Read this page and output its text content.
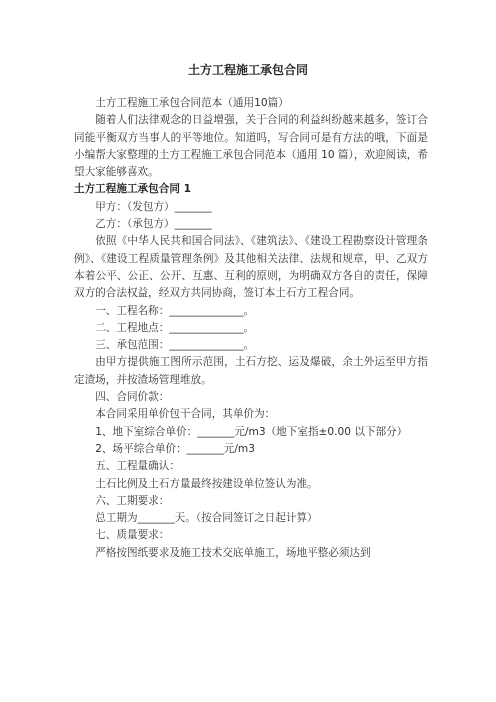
土方工程施工承包合同

土方工程施工承包合同范本（通用10篇）

随着人们法律观念的日益增强，关于合同的利益纠纷越来越多，签订合同能平衡双方当事人的平等地位。知道吗，写合同可是有方法的哦，下面是小编帮大家整理的土方工程施工承包合同范本（通用 10 篇），欢迎阅读，希望大家能够喜欢。

土方工程施工承包合同 1

甲方：（发包方）_______

乙方：（承包方）_______

依照《中华人民共和国合同法》、《建筑法》、《建设工程勘察设计管理条例》、《建设工程质量管理条例》及其他相关法律、法规和规章，甲、乙双方本着公平、公正、公开、互惠、互利的原则，为明确双方各自的责任，保障双方的合法权益，经双方共同协商，签订本土石方工程合同。

一、工程名称：______________。

二、工程地点：______________。

三、承包范围：______________。

由甲方提供施工图所示范围，土石方挖、运及爆破，余土外运至甲方指定渣场，并按渣场管理堆放。

四、合同价款：

本合同采用单价包干合同，其单价为：

1、地下室综合单价：_______元/m3（地下室指±0.00 以下部分）

2、场平综合单价：_______元/m3

五、工程量确认：

土石比例及土石方量最终按建设单位签认为准。

六、工期要求：

总工期为_______天。（按合同签订之日起计算）

七、质量要求：

严格按图纸要求及施工技术交底单施工，场地平整必须达到
